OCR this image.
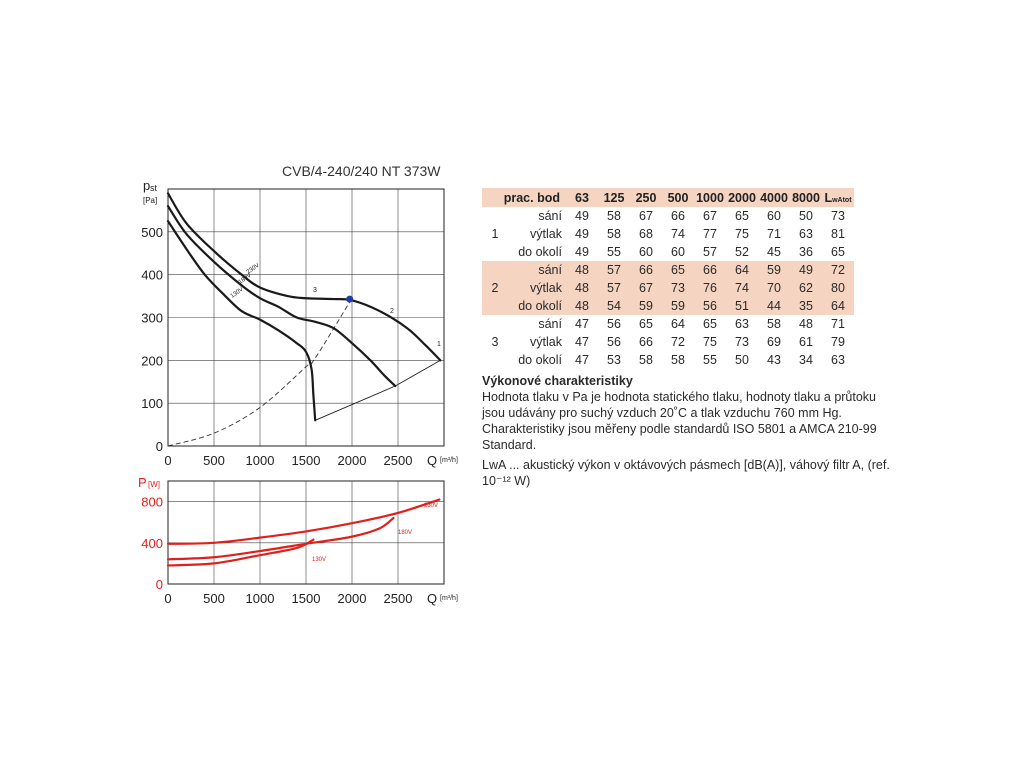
CVB/4-240/240 NT 373W
0 500 1000 1500 2000 2500
0
100
200
300
400
500
Q [m³/h]
p st
[Pa]
230V
180V
130V
1
2
3
0 500 1000 1500 2000 2500
0
400
800
Q [m³/h]
P [W]
230V
180V
130V
prac. bod		63	125	250	500	1000	2000	4000	8000	LwAtot
	sání	49	58	67	66	67	65	60	50	73
1	výtlak	49	58	68	74	77	75	71	63	81
	do okolí	49	55	60	60	57	52	45	36	65
	sání	48	57	66	65	66	64	59	49	72
2	výtlak	48	57	67	73	76	74	70	62	80
	do okolí	48	54	59	59	56	51	44	35	64
	sání	47	56	65	64	65	63	58	48	71
3	výtlak	47	56	66	72	75	73	69	61	79
	do okolí	47	53	58	58	55	50	43	34	63
Výkonové charakteristiky

Hodnota tlaku v Pa je hodnota statického tlaku, hodnoty tlaku a průtoku jsou udávány pro suchý vzduch 20˚C a tlak vzduchu 760 mm Hg. Charakteristiky jsou měřeny podle standardů ISO 5801 a AMCA 210-99 Standard.

LwA ... akustický výkon v oktávových pásmech [dB(A)], váhový filtr A, (ref. 10⁻¹² W)
